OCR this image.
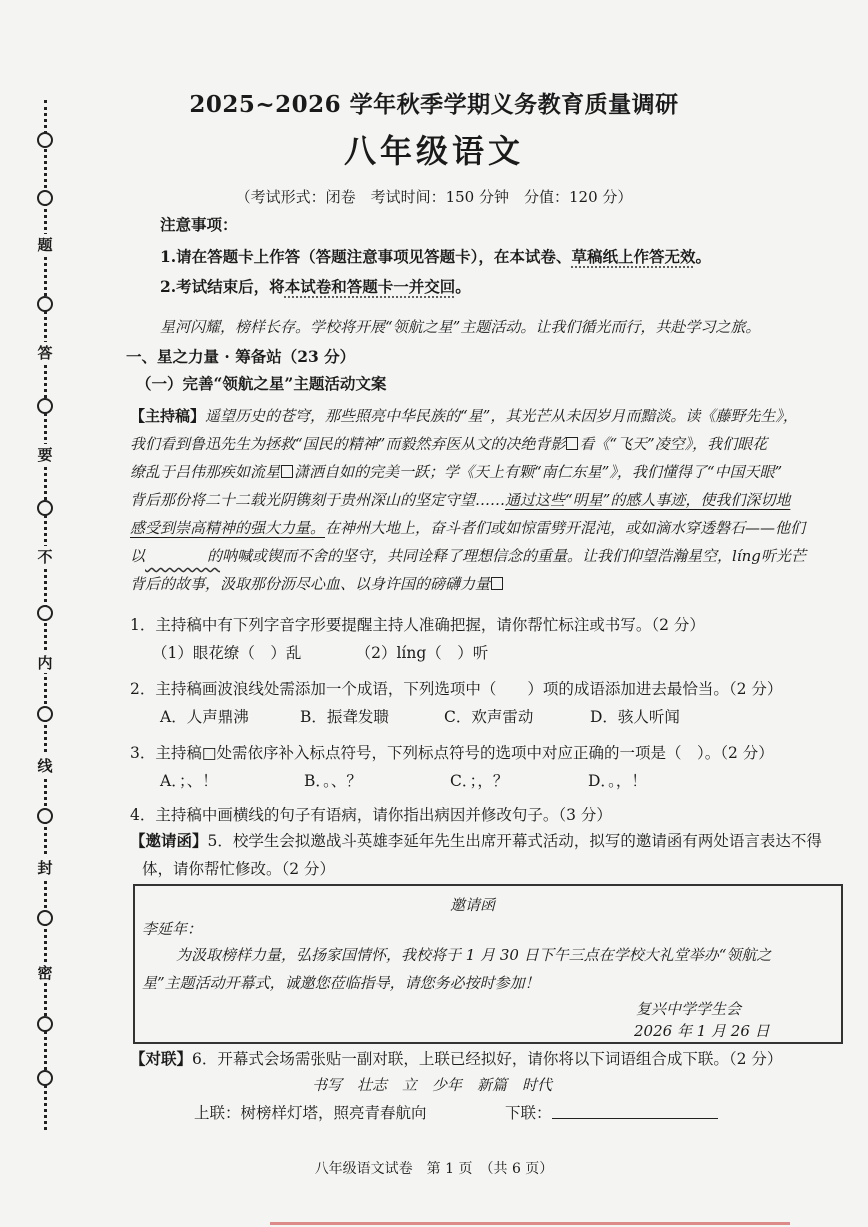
题
答
要
不
内
线
封
密
2025~2026 学年秋季学期义务教育质量调研
八年级语文
（考试形式：闭卷　考试时间：150 分钟　分值：120 分）
注意事项：
1.请在答题卡上作答（答题注意事项见答题卡），在本试卷、草稿纸上作答无效。
2.考试结束后，将本试卷和答题卡一并交回。
星河闪耀，榜样长存。学校将开展“领航之星”主题活动。让我们循光而行，共赴学习之旅。
一、星之力量 · 筹备站（23 分）
（一）完善“领航之星”主题活动文案
【主持稿】遥望历史的苍穹，那些照亮中华民族的“星”，其光芒从未因岁月而黯淡。读《藤野先生》，
我们看到鲁迅先生为拯救“国民的精神”而毅然弃医从文的决绝背影 看《“飞天”凌空》，我们眼花
缭乱于吕伟那疾如流星 潇洒自如的完美一跃；学《天上有颗“南仁东星”》，我们懂得了“中国天眼”
背后那份将二十二载光阴镌刻于贵州深山的坚定守望……通过这些“明星”的感人事迹，使我们深切地
感受到崇高精神的强大力量。在神州大地上，奋斗者们或如惊雷劈开混沌，或如滴水穿透磐石——他们
以　　　　　	的呐喊或锲而不舍的坚守，共同诠释了理想信念的重量。让我们仰望浩瀚星空，líng听光芒
背后的故事，汲取那份沥尽心血、以身许国的磅礴力量
1．主持稿中有下列字音字形要提醒主持人准确把握，请你帮忙标注或书写。（2 分）
（1）眼花缭（　）乱　　　　（2）líng（　）听
2．主持稿画波浪线处需添加一个成语，下列选项中（　　）项的成语添加进去最恰当。（2 分）
A．人声鼎沸	B．振聋发聩	C．欢声雷动	D．骇人听闻
3．主持稿□处需依序补入标点符号，下列标点符号的选项中对应正确的一项是（　）。（2 分）
A．；、！	B．。、？	C．；，？	D．。，！
4．主持稿中画横线的句子有语病，请你指出病因并修改句子。（3 分）
【邀请函】5．校学生会拟邀战斗英雄李延年先生出席开幕式活动，拟写的邀请函有两处语言表达不得
体，请你帮忙修改。（2 分）
邀请函
李延年：
为汲取榜样力量，弘扬家国情怀，我校将于 1 月 30 日下午三点在学校大礼堂举办“领航之
星”主题活动开幕式，诚邀您莅临指导，请您务必按时参加！
复兴中学学生会
2026 年 1 月 26 日
【对联】6．开幕式会场需张贴一副对联，上联已经拟好，请你将以下词语组合成下联。（2 分）
书写　壮志　立　少年　新篇　时代
上联：树榜样灯塔，照亮青春航向	下联：
八年级语文试卷　第 1 页　（共 6 页）
